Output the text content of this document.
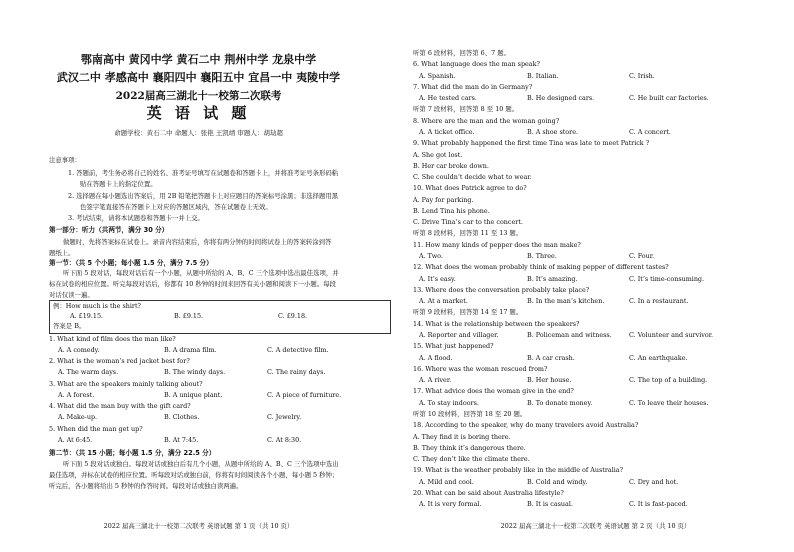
鄂南高中 黄冈中学 黄石二中 荆州中学 龙泉中学
武汉二中 孝感高中 襄阳四中 襄阳五中 宜昌一中 夷陵中学
2022届高三湖北十一校第二次联考
英 语 试 题
命题学校：黄石二中 命题人：张艳 王凯靖 审题人：胡劫超
注意事项：
1. 答题前，考生务必将自己的姓名、准考证号填写在试题卷和答题卡上，并将准考证号条形码粘
贴在答题卡上的指定位置。
2. 选择题在每小题选出答案后，用 2B 铅笔把答题卡上对应题目的答案标号涂黑；非选择题用黑
色签字笔直接答在答题卡上对应的答题区域内，答在试题卷上无效。
3. 考试结束，请将本试题卷和答题卡一并上交。
第一部分：听力（共两节，满分 30 分）
做题时，先将答案标在试卷上。录音内容结束后，你将有两分钟的时间将试卷上的答案转涂到答
题纸上。
第一节：（共 5 个小题；每小题 1.5 分，满分 7.5 分）
听下面 5 段对话，每段对话后有一个小题，从题中所给的 A、B、C 三个选项中选出最佳选项，并
标在试卷的相应位置。听完每段对话后，你都有 10 秒钟的时间来回答有关小题和阅读下一小题。每段
对话仅读一遍。
例：How much is the shirt?
A. £19.15.	B. £9.15.	C. £9.18.
答案是 B。
1. What kind of film does the man like?
A. A comedy.	B. A drama film.	C. A detective film.
2. What is the woman’s red jacket best for?
A. The warm days.	B. The windy days.	C. The rainy days.
3. What are the speakers mainly talking about?
A. A forest.	B. A unique plant.	C. A piece of furniture.
4. What did the man buy with the gift card?
A. Make-up.	B. Clothes.	C. Jewelry.
5. When did the man get up?
A. At 6:45.	B. At 7:45.	C. At 8:30.
第二节：（共 15 小题；每小题 1.5 分，满分 22.5 分）
听下面 5 段对话或独白。每段对话或独白后有几个小题，从题中所给的 A、B、C 三个选项中选出
最佳选项，并标在试卷的相应位置。听每段对话或独白前，你将有时间阅读各个小题，每小题 5 秒钟；
听完后，各小题将给出 5 秒钟的作答时间。每段对话或独白读两遍。
2022 届高三湖北十一校第二次联考 英语试题 第 1 页（共 10 页）
听第 6 段材料，回答第 6、7 题。
6. What language does the man speak?
A. Spanish.	B. Italian.	C. Irish.
7. What did the man do in Germany?
A. He tested cars.	B. He designed cars.	C. He built car factories.
听第 7 段材料，回答第 8 至 10 题。
8. Where are the man and the woman going?
A. A ticket office.	B. A shoe store.	C. A concert.
9. What probably happened the first time Tina was late to meet Patrick ?
A. She got lost.
B. Her car broke down.
C. She couldn’t decide what to wear.
10. What does Patrick agree to do?
A. Pay for parking.
B. Lend Tina his phone.
C. Drive Tina’s car to the concert.
听第 8 段材料，回答第 11 至 13 题。
11. How many kinds of pepper does the man make?
A. Two.	B. Three.	C. Four.
12. What does the woman probably think of making pepper of different tastes?
A. It’s easy.	B. It’s amazing.	C. It’s time-consuming.
13. Where does the conversation probably take place?
A. At a market.	B. In the man’s kitchen.	C. In a restaurant.
听第 9 段材料，回答第 14 至 17 题。
14. What is the relationship between the speakers?
A. Reporter and villager.	B. Policeman and witness.	C. Volunteer and survivor.
15. What just happened?
A. A flood.	B. A car crash.	C. An earthquake.
16. Where was the woman rescued from?
A. A river.	B. Her house.	C. The top of a building.
17. What advice does the woman give in the end?
A. To stay indoors.	B. To donate money.	C. To leave their houses.
听第 10 段材料，回答第 18 至 20 题。
18. According to the speaker, why do many travelers avoid Australia?
A. They find it is boring there.
B. They think it’s dangerous there.
C. They don’t like the climate there.
19. What is the weather probably like in the middle of Australia?
A. Mild and cool.	B. Cold and windy.	C. Dry and hot.
20. What can be said about Australia lifestyle?
A. It is very formal.	B. It is casual.	C. It is fast-paced.
2022 届高三湖北十一校第二次联考 英语试题 第 2 页（共 10 页）
